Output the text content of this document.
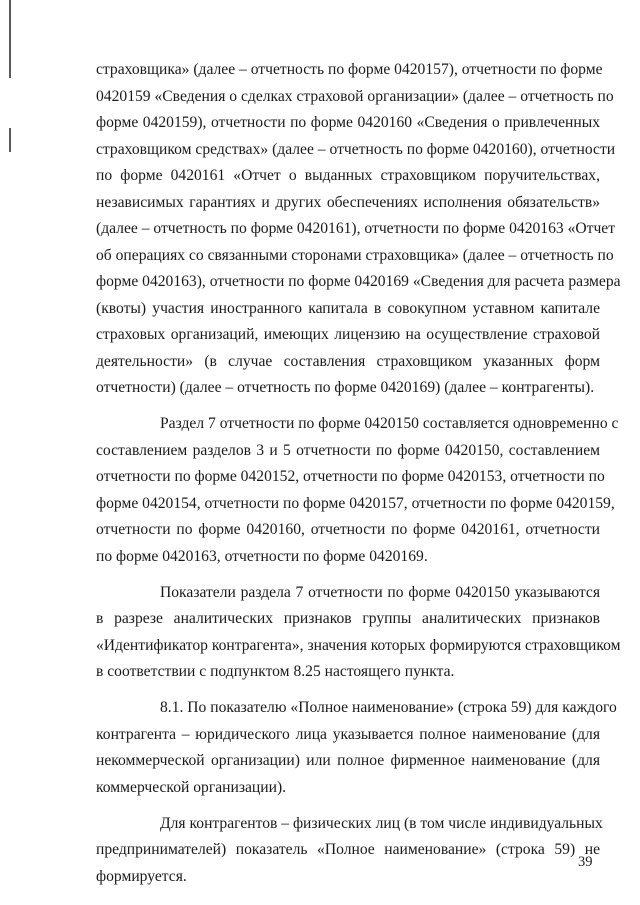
страховщика» (далее – отчетность по форме 0420157), отчетности по форме
0420159 «Сведения о сделках страховой организации» (далее – отчетность по
форме 0420159), отчетности по форме 0420160 «Сведения о привлеченных
страховщиком средствах» (далее – отчетность по форме 0420160), отчетности
по форме 0420161 «Отчет о выданных страховщиком поручительствах,
независимых гарантиях и других обеспечениях исполнения обязательств»
(далее – отчетность по форме 0420161), отчетности по форме 0420163 «Отчет
об операциях со связанными сторонами страховщика» (далее – отчетность по
форме 0420163), отчетности по форме 0420169 «Сведения для расчета размера
(квоты) участия иностранного капитала в совокупном уставном капитале
страховых организаций, имеющих лицензию на осуществление страховой
деятельности» (в случае составления страховщиком указанных форм
отчетности) (далее – отчетность по форме 0420169) (далее – контрагенты).

Раздел 7 отчетности по форме 0420150 составляется одновременно с
составлением разделов 3 и 5 отчетности по форме 0420150, составлением
отчетности по форме 0420152, отчетности по форме 0420153, отчетности по
форме 0420154, отчетности по форме 0420157, отчетности по форме 0420159,
отчетности по форме 0420160, отчетности по форме 0420161, отчетности
по форме 0420163, отчетности по форме 0420169.

Показатели раздела 7 отчетности по форме 0420150 указываются
в разрезе аналитических признаков группы аналитических признаков
«Идентификатор контрагента», значения которых формируются страховщиком
в соответствии с подпунктом 8.25 настоящего пункта.

8.1. По показателю «Полное наименование» (строка 59) для каждого
контрагента – юридического лица указывается полное наименование (для
некоммерческой организации) или полное фирменное наименование (для
коммерческой организации).

Для контрагентов – физических лиц (в том числе индивидуальных
предпринимателей) показатель «Полное наименование» (строка 59) не
формируется.

39
